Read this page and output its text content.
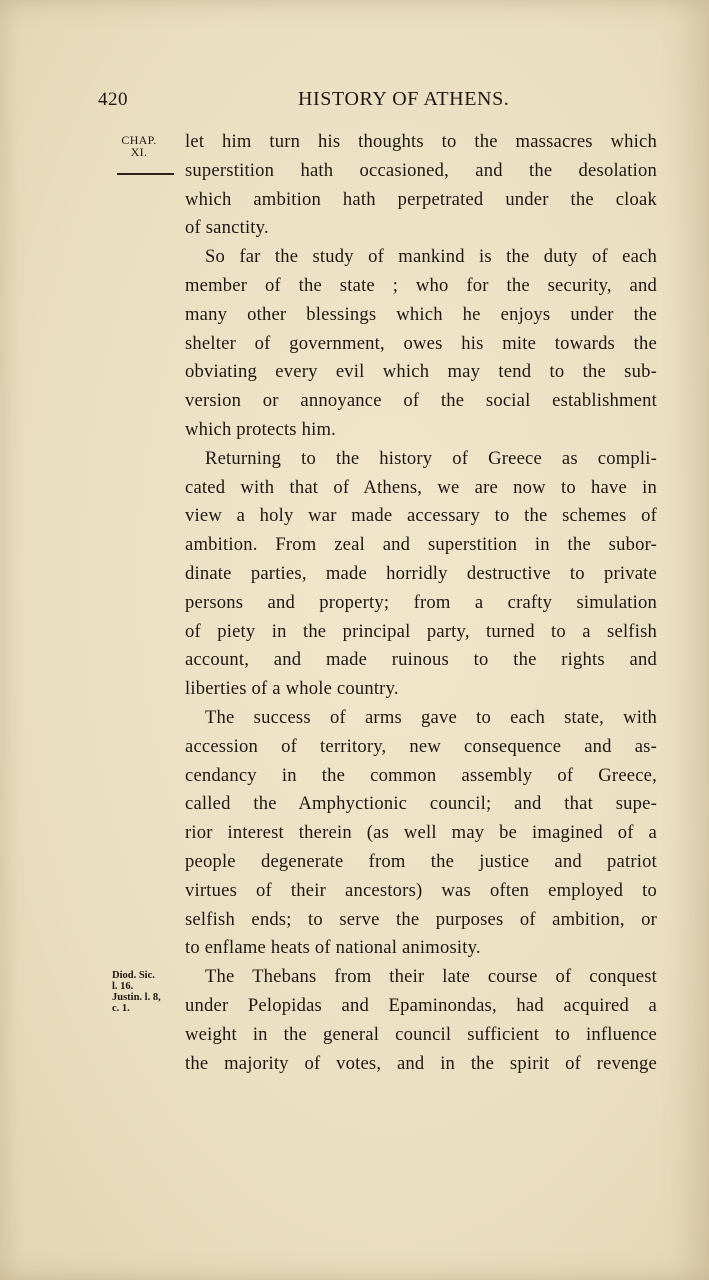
420	HISTORY OF ATHENS.
CHAP.
XI.
Diod. Sic.
l. 16.
Justin. l. 8,
c. 1.
let him turn his thoughts to the massacres which
superstition hath occasioned, and the desolation
which ambition hath perpetrated under the cloak
of sanctity.
So far the study of mankind is the duty of each
member of the state ; who for the security, and
many other blessings which he enjoys under the
shelter of government, owes his mite towards the
obviating every evil which may tend to the sub-
version or annoyance of the social establishment
which protects him.
Returning to the history of Greece as compli-
cated with that of Athens, we are now to have in
view a holy war made accessary to the schemes of
ambition. From zeal and superstition in the subor-
dinate parties, made horridly destructive to private
persons and property; from a crafty simulation
of piety in the principal party, turned to a selfish
account, and made ruinous to the rights and
liberties of a whole country.
The success of arms gave to each state, with
accession of territory, new consequence and as-
cendancy in the common assembly of Greece,
called the Amphyctionic council; and that supe-
rior interest therein (as well may be imagined of a
people degenerate from the justice and patriot
virtues of their ancestors) was often employed to
selfish ends; to serve the purposes of ambition, or
to enflame heats of national animosity.
The Thebans from their late course of conquest
under Pelopidas and Epaminondas, had acquired a
weight in the general council sufficient to influence
the majority of votes, and in the spirit of revenge
